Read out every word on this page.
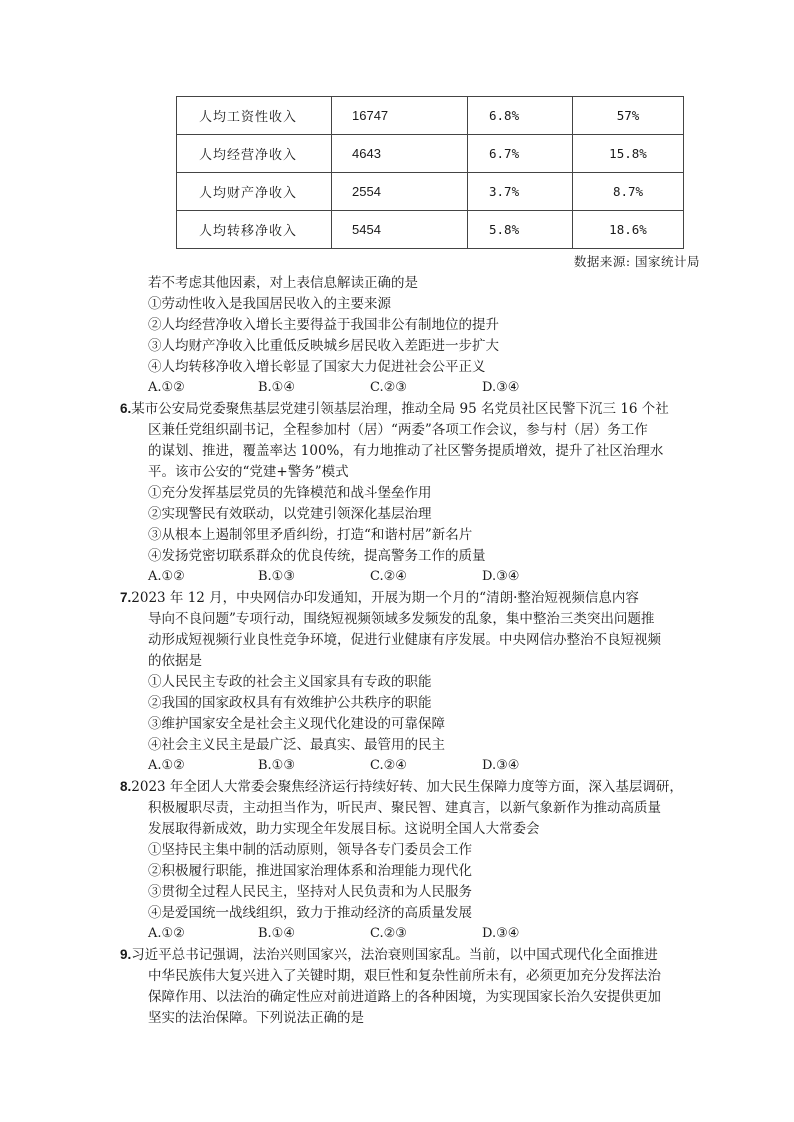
人均工资性收入	16747	6.8%	57%
人均经营净收入	4643	6.7%	15.8%
人均财产净收入	2554	3.7%	8.7%
人均转移净收入	5454	5.8%	18.6%
数据来源: 国家统计局
若不考虑其他因素，对上表信息解读正确的是
①劳动性收入是我国居民收入的主要来源
②人均经营净收入增长主要得益于我国非公有制地位的提升
③人均财产净收入比重低反映城乡居民收入差距进一步扩大
④人均转移净收入增长彰显了国家大力促进社会公平正义
A.①②	B.①④	C.②③	D.③④
6.某市公安局党委聚焦基层党建引领基层治理，推动全局 95 名党员社区民警下沉三 16 个社
区兼任党组织副书记，全程参加村（居）“两委”各项工作会议，参与村（居）务工作
的谋划、推进，覆盖率达 100%，有力地推动了社区警务提质增效，提升了社区治理水
平。该市公安的“党建+警务”模式
①充分发挥基层党员的先锋模范和战斗堡垒作用
②实现警民有效联动，以党建引领深化基层治理
③从根本上遏制邻里矛盾纠纷，打造“和谐村居”新名片
④发扬党密切联系群众的优良传统，提高警务工作的质量
A.①②	B.①③	C.②④	D.③④
7.2023 年 12 月，中央网信办印发通知，开展为期一个月的“清朗·整治短视频信息内容
导向不良问题”专项行动，围绕短视频领域多发频发的乱象，集中整治三类突出问题推
动形成短视频行业良性竞争环境，促进行业健康有序发展。中央网信办整治不良短视频
的依据是
①人民民主专政的社会主义国家具有专政的职能
②我国的国家政权具有有效维护公共秩序的职能
③维护国家安全是社会主义现代化建设的可靠保障
④社会主义民主是最广泛、最真实、最管用的民主
A.①②	B.①③	C.②④	D.③④
8.2023 年全团人大常委会聚焦经济运行持续好转、加大民生保障力度等方面，深入基层调研，
积极履职尽责，主动担当作为，听民声、聚民智、建真言，以新气象新作为推动高质量
发展取得新成效，助力实现全年发展目标。这说明全国人大常委会
①坚持民主集中制的活动原则，领导各专门委员会工作
②积极履行职能，推进国家治理体系和治理能力现代化
③贯彻全过程人民民主，坚持对人民负责和为人民服务
④是爱国统一战线组织，致力于推动经济的高质量发展
A.①②	B.①④	C.②③	D.③④
9.习近平总书记强调，法治兴则国家兴，法治衰则国家乱。当前，以中国式现代化全面推进
中华民族伟大复兴进入了关键时期，艰巨性和复杂性前所未有，必须更加充分发挥法治
保障作用、以法治的确定性应对前进道路上的各种困境，为实现国家长治久安提供更加
坚实的法治保障。下列说法正确的是
